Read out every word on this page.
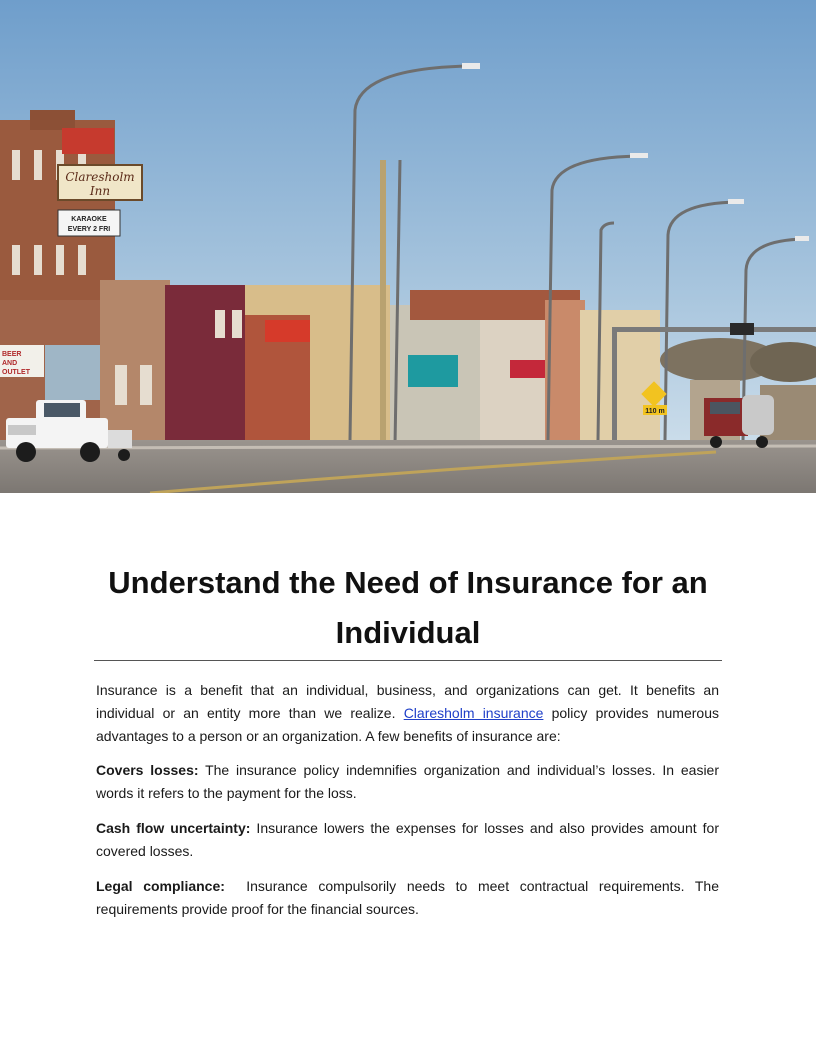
Claresholm
Inn
KARAOKE
EVERY 2 FRI
BEER
AND
OUTLET
110 m
Understand the Need of Insurance for an Individual

Insurance is a benefit that an individual, business, and organizations can get. It benefits an individual or an entity more than we realize. Claresholm insurance policy provides numerous advantages to a person or an organization. A few benefits of insurance are:

Covers losses: The insurance policy indemnifies organization and individual’s losses. In easier words it refers to the payment for the loss.

Cash flow uncertainty: Insurance lowers the expenses for losses and also provides amount for covered losses.

Legal compliance:  Insurance compulsorily needs to meet contractual requirements. The requirements provide proof for the financial sources.
